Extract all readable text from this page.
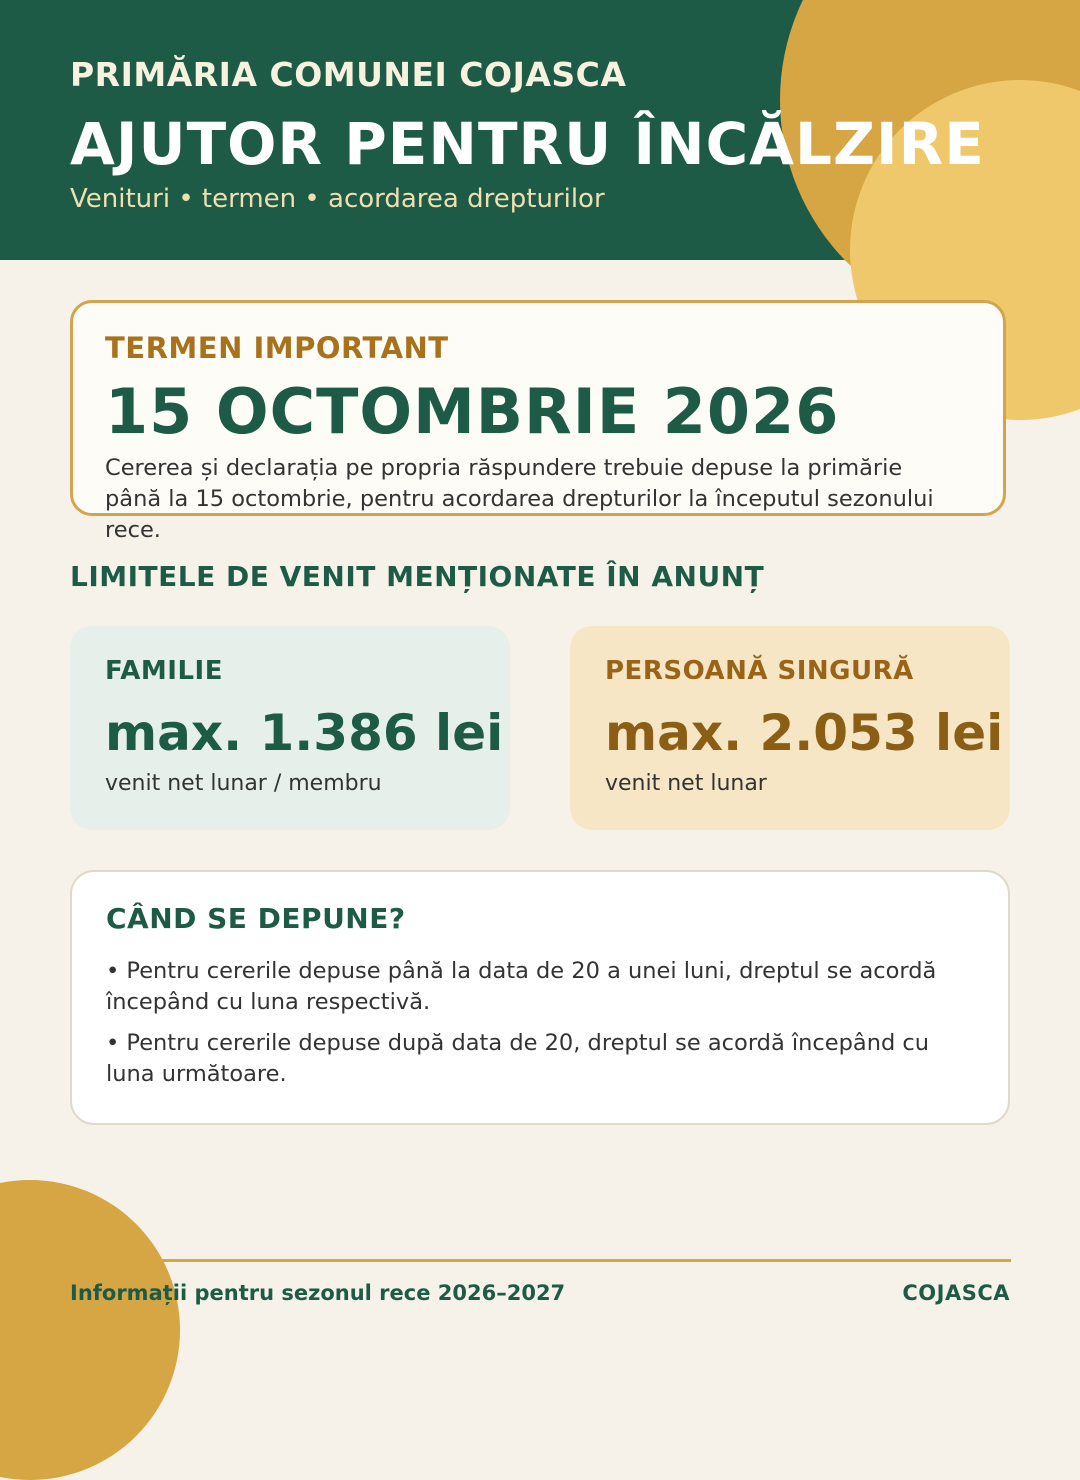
PRIMĂRIA COMUNEI COJASCA

AJUTOR PENTRU ÎNCĂLZIRE

Venituri • termen • acordarea drepturilor

TERMEN IMPORTANT

15 OCTOMBRIE 2026

Cererea și declarația pe propria răspundere trebuie depuse la primărie până la 15 octombrie, pentru acordarea drepturilor la începutul sezonului rece.

LIMITELE DE VENIT MENȚIONATE ÎN ANUNȚ

FAMILIE

max. 1.386 lei

venit net lunar / membru

PERSOANĂ SINGURĂ

max. 2.053 lei

venit net lunar

CÂND SE DEPUNE?
• Pentru cererile depuse până la data de 20 a unei luni, dreptul se acordă începând cu luna respectivă.
• Pentru cererile depuse după data de 20, dreptul se acordă începând cu luna următoare.

Informații pentru sezonul rece 2026–2027	COJASCA
